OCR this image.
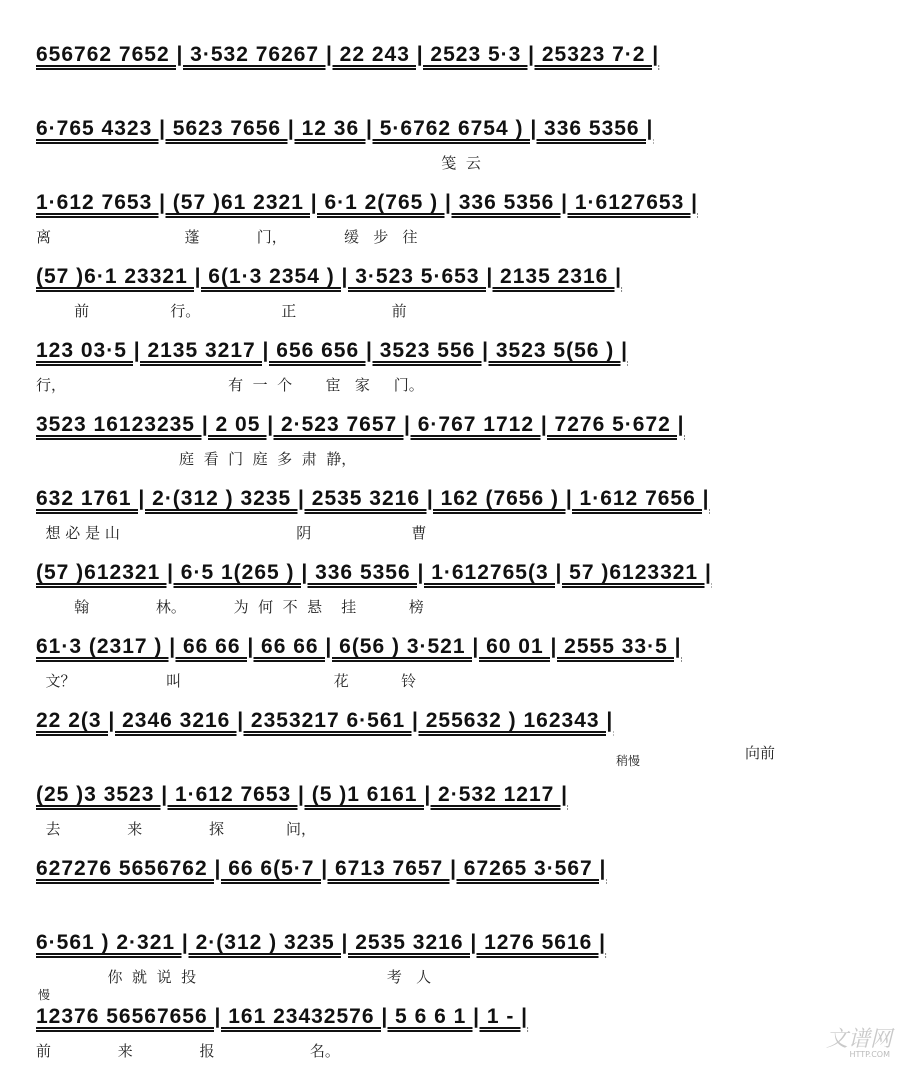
656762 7652 | 3·532 76267 | 22 243 | 2523 5·3 | 25323 7·2 |
6·765 4323 | 5623 7656 | 12 36 | 5·6762 6754 ) | 336 5356 |
笺  云
1·612 7653 | (57 )61 2321 | 6·1 2(765 ) | 336 5356 | 1·6127653 |
离                            蓬            门，            缓   步   往
(57 )6·1 23321 | 6(1·3 2354 ) | 3·523 5·653 | 2135 2316 |
前                 行。                 正                    前
123 03·5 | 2135 3217 | 656 656 | 3523 556 | 3523 5(56 ) |
行，                                  有  一  个       宦   家     门。
3523 16123235 | 2 05 | 2·523 7657 | 6·767 1712 | 7276 5·672 |
庭  看  门  庭  多  肃  静，
632 1761 | 2·(312 ) 3235 | 2535 3216 | 162 (7656 ) | 1·612 7656 |
想 必 是 山                                     阴                     曹
(57 )612321 | 6·5 1(265 ) | 336 5356 | 1·612765(3 | 57 )6123321 |
翰              林。          为  何  不  悬    挂           榜
61·3 (2317 ) | 66 66 | 66 66 | 6(56 ) 3·521 | 60 01 | 2555 33·5 |
文？                   叫                                花           铃
22 2(3 | 2346 3216 | 2353217 6·561 | 255632 ) 162343 |
(25 )3 3523 | 1·612 7653 | (5 )1 6161 | 2·532 1217 |
去              来              探             问，
627276 5656762 | 66 6(5·7 | 6713 7657 | 67265 3·567 |
6·561 ) 2·321 | 2·(312 ) 3235 | 2535 3216 | 1276 5616 |
你  就  说  投                                        考   人
12376 56567656 | 161 23432576 | 5 6 6 1 | 1 - |
前              来              报                    名。
稍慢	向前
慢
文谱网
HTTP.COM
